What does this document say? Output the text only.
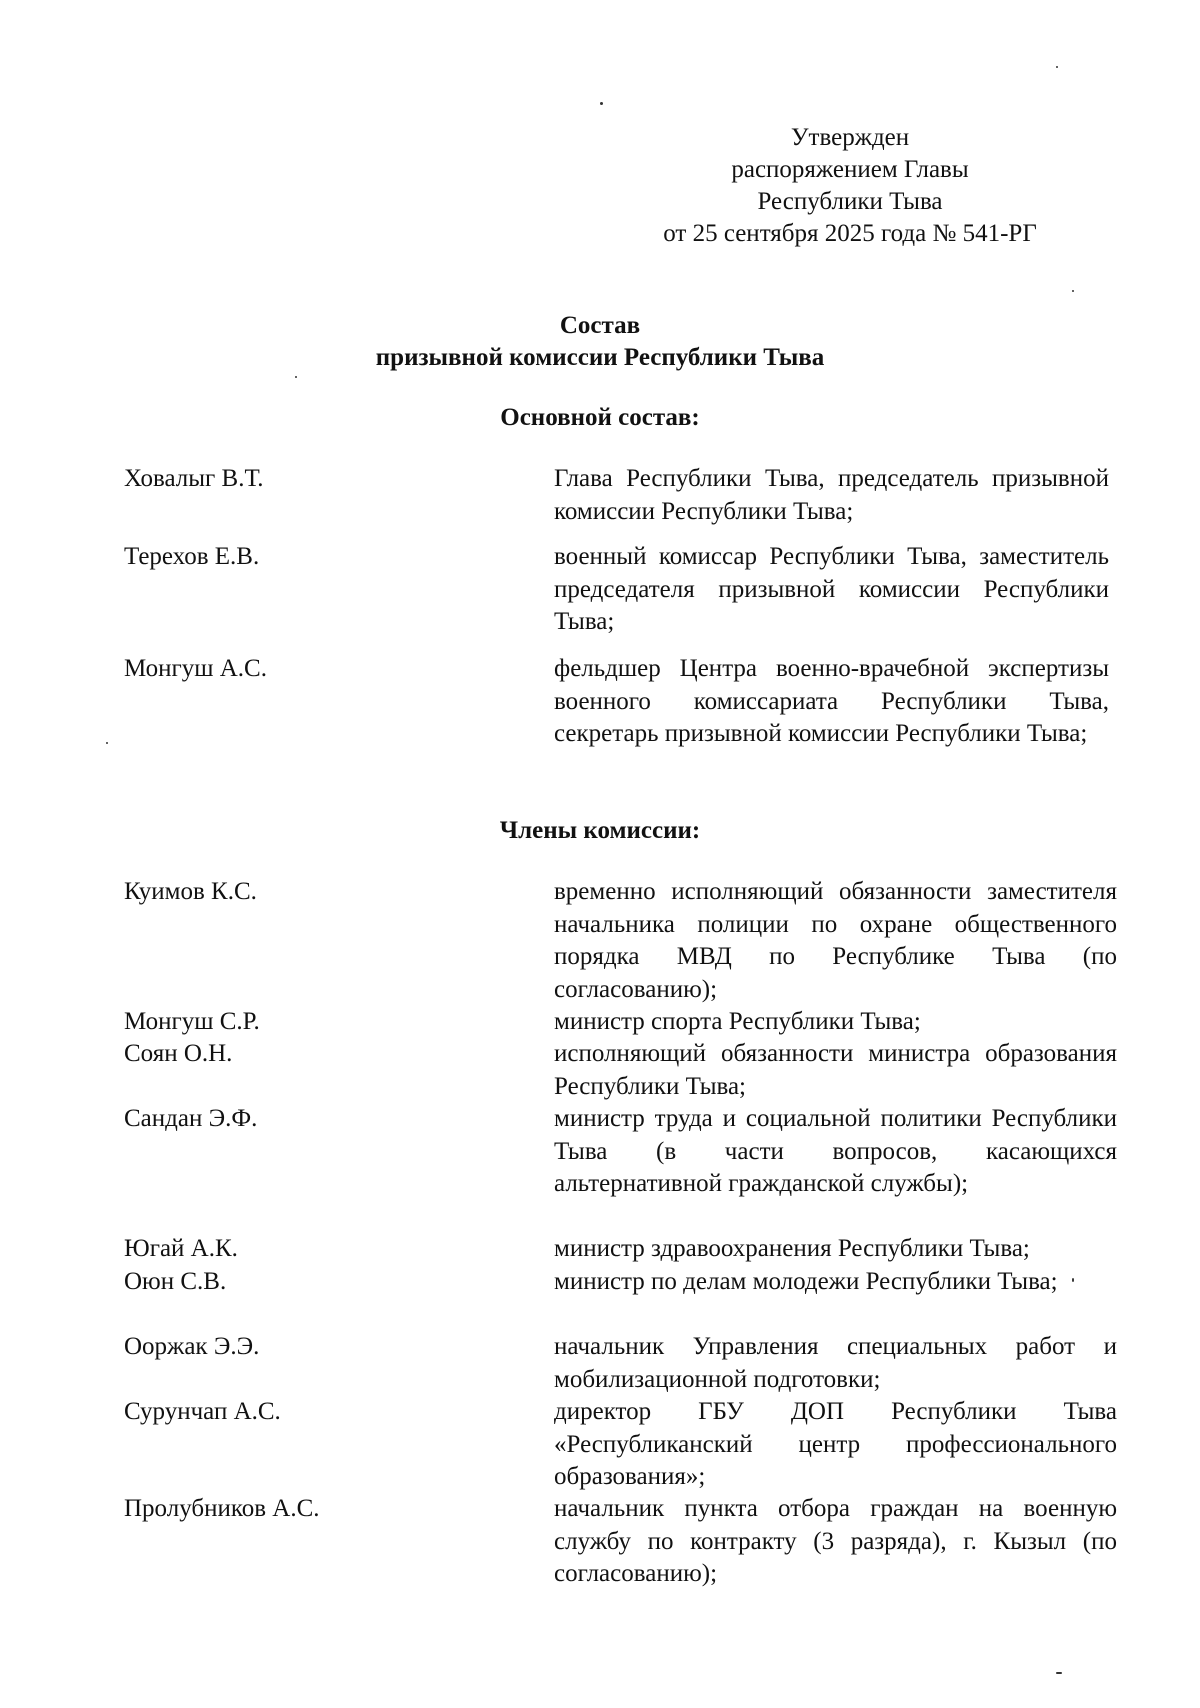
Утвержден
распоряжением Главы
Республики Тыва
от 25 сентября 2025 года № 541-РГ
Состав
призывной комиссии Республики Тыва
Основной состав:
Ховалыг В.Т.	Глава Республики Тыва, председатель призывной комиссии Республики Тыва;
Терехов Е.В.	военный комиссар Республики Тыва, заместитель председателя призывной комиссии Республики Тыва;
Монгуш А.С.	фельдшер Центра военно-врачебной экспертизы военного комиссариата Республики Тыва, секретарь призывной комиссии Республики Тыва;
Члены комиссии:
Куимов К.С.	временно исполняющий обязанности заместителя начальника полиции по охране общественного порядка МВД по Республике Тыва (по согласованию);
Монгуш С.Р.	министр спорта Республики Тыва;
Соян О.Н.	исполняющий обязанности министра образования Республики Тыва;
Сандан Э.Ф.	министр труда и социальной политики Республики Тыва (в части вопросов, касающихся альтернативной гражданской службы);
Югай А.К.	министр здравоохранения Республики Тыва;
Оюн С.В.	министр по делам молодежи Республики Тыва;
Ооржак Э.Э.	начальник Управления специальных работ и мобилизационной подготовки;
Сурунчап А.С.	директор ГБУ ДОП Республики Тыва «Республиканский центр профессионального образования»;
Пролубников А.С.	начальник пункта отбора граждан на военную службу по контракту (3 разряда), г. Кызыл (по согласованию);
